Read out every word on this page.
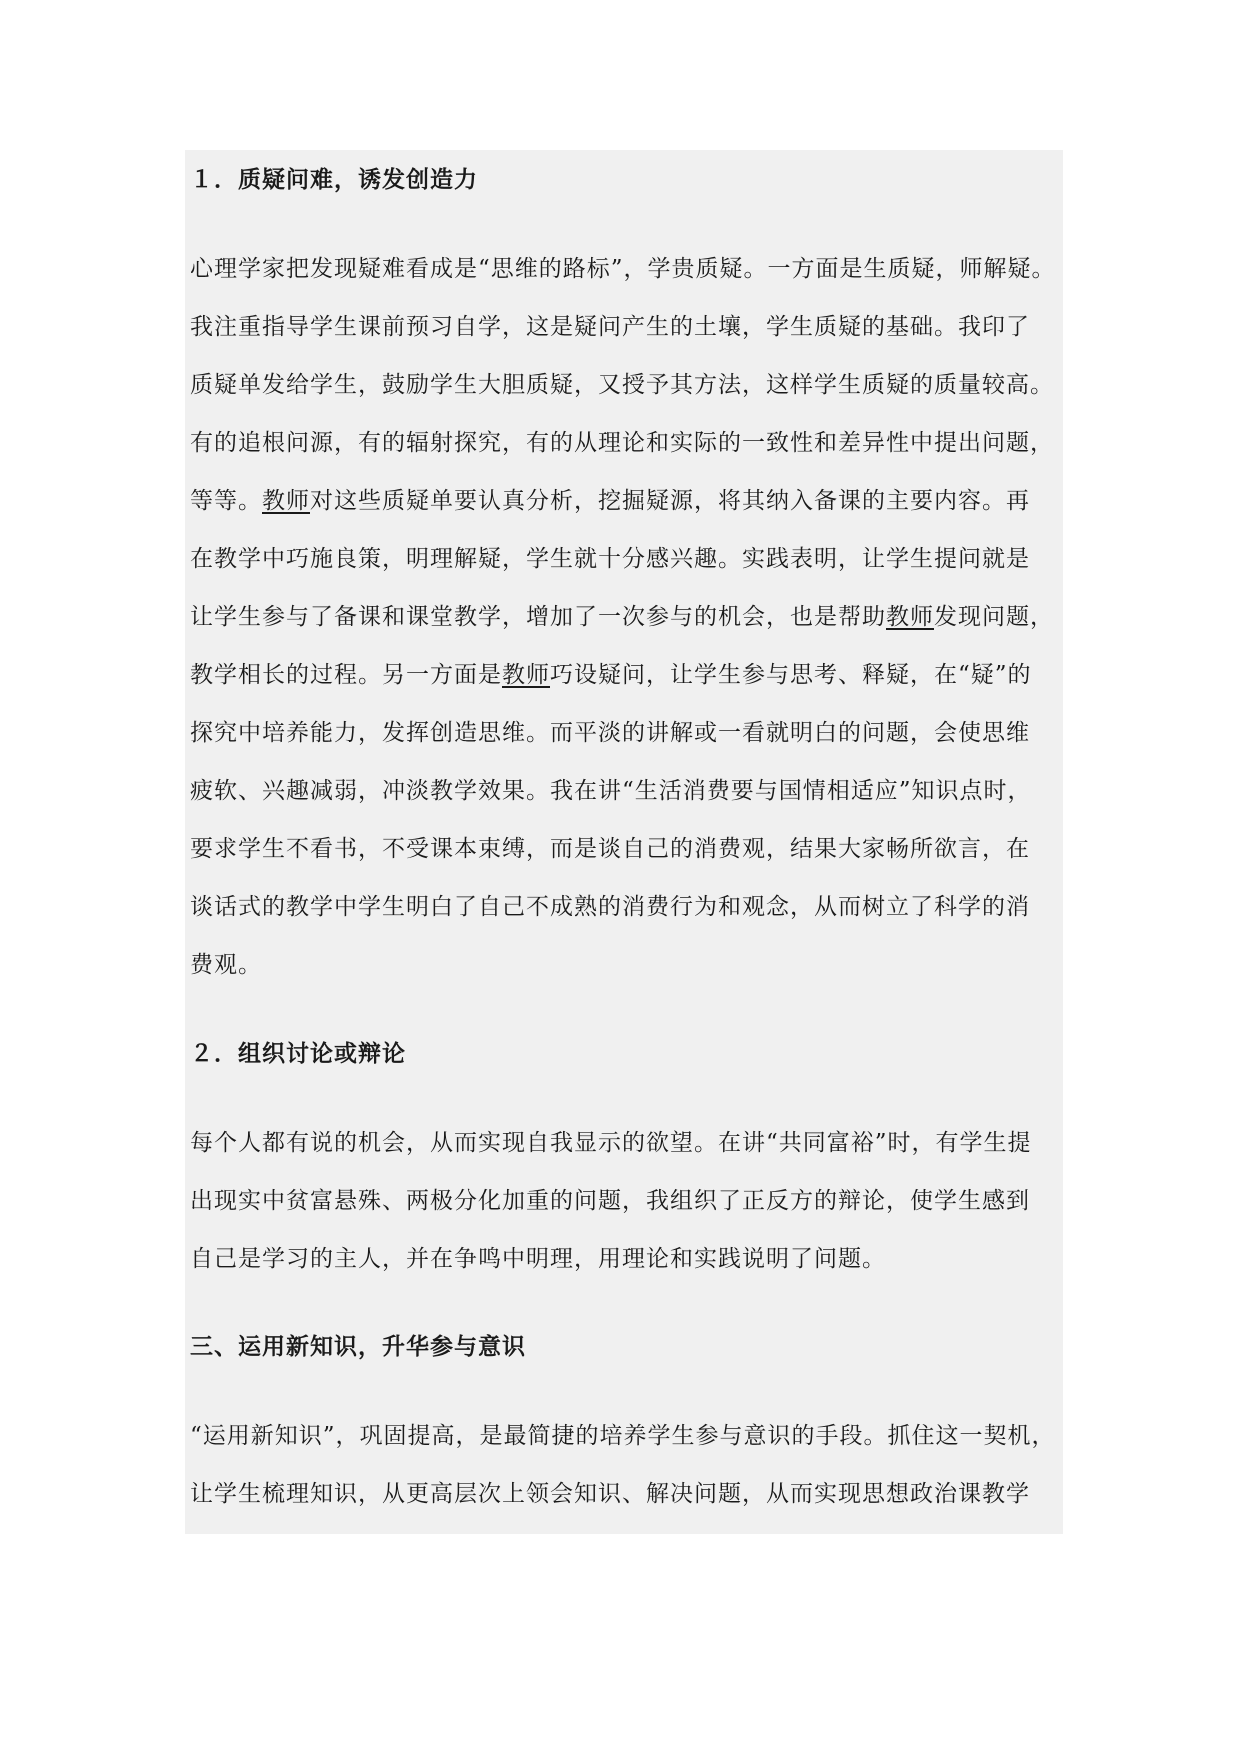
１．质疑问难，诱发创造力
心理学家把发现疑难看成是“思维的路标”，学贵质疑。一方面是生质疑，师解疑。
我注重指导学生课前预习自学，这是疑问产生的土壤，学生质疑的基础。我印了
质疑单发给学生，鼓励学生大胆质疑，又授予其方法，这样学生质疑的质量较高。
有的追根问源，有的辐射探究，有的从理论和实际的一致性和差异性中提出问题，
等等。教师对这些质疑单要认真分析，挖掘疑源，将其纳入备课的主要内容。再
在教学中巧施良策，明理解疑，学生就十分感兴趣。实践表明，让学生提问就是
让学生参与了备课和课堂教学，增加了一次参与的机会，也是帮助教师发现问题，
教学相长的过程。另一方面是教师巧设疑问，让学生参与思考、释疑，在“疑”的
探究中培养能力，发挥创造思维。而平淡的讲解或一看就明白的问题，会使思维
疲软、兴趣减弱，冲淡教学效果。我在讲“生活消费要与国情相适应”知识点时，
要求学生不看书，不受课本束缚，而是谈自己的消费观，结果大家畅所欲言，在
谈话式的教学中学生明白了自己不成熟的消费行为和观念，从而树立了科学的消
费观。
２．组织讨论或辩论
每个人都有说的机会，从而实现自我显示的欲望。在讲“共同富裕”时，有学生提
出现实中贫富悬殊、两极分化加重的问题，我组织了正反方的辩论，使学生感到
自己是学习的主人，并在争鸣中明理，用理论和实践说明了问题。
三、运用新知识，升华参与意识
“运用新知识”，巩固提高，是最简捷的培养学生参与意识的手段。抓住这一契机，
让学生梳理知识，从更高层次上领会知识、解决问题，从而实现思想政治课教学
